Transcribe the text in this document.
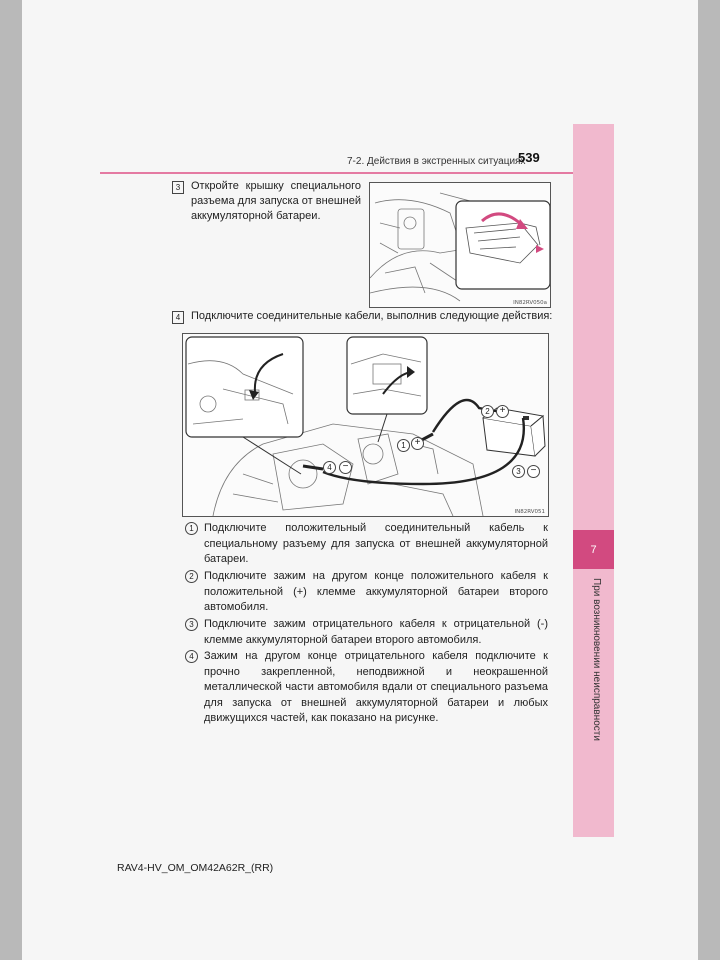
7
При возникновении неисправности
7-2. Действия в экстренных ситуациях
539
3 Откройте крышку специального разъема для запуска от внешней аккумуляторной батареи.
IN82RV050a
4 Подключите соединительные кабели, выполнив следующие действия:
1 +
2 +
3 −
4	−
IN82RV051
1 Подключите положительный соединительный кабель к специальному разъему для запуска от внешней аккумуляторной батареи.
2 Подключите зажим на другом конце положительного кабеля к положительной (+) клемме аккумуляторной батареи второго автомобиля.
3 Подключите зажим отрицательного кабеля к отрицательной (-) клемме аккумуляторной батареи второго автомобиля.
4 Зажим на другом конце отрицательного кабеля подключите к прочно закрепленной, неподвижной и неокрашенной металлической части автомобиля вдали от специального разъема для запуска от внешней аккумуляторной батареи и любых движущихся частей, как показано на рисунке.
RAV4-HV_OM_OM42A62R_(RR)
